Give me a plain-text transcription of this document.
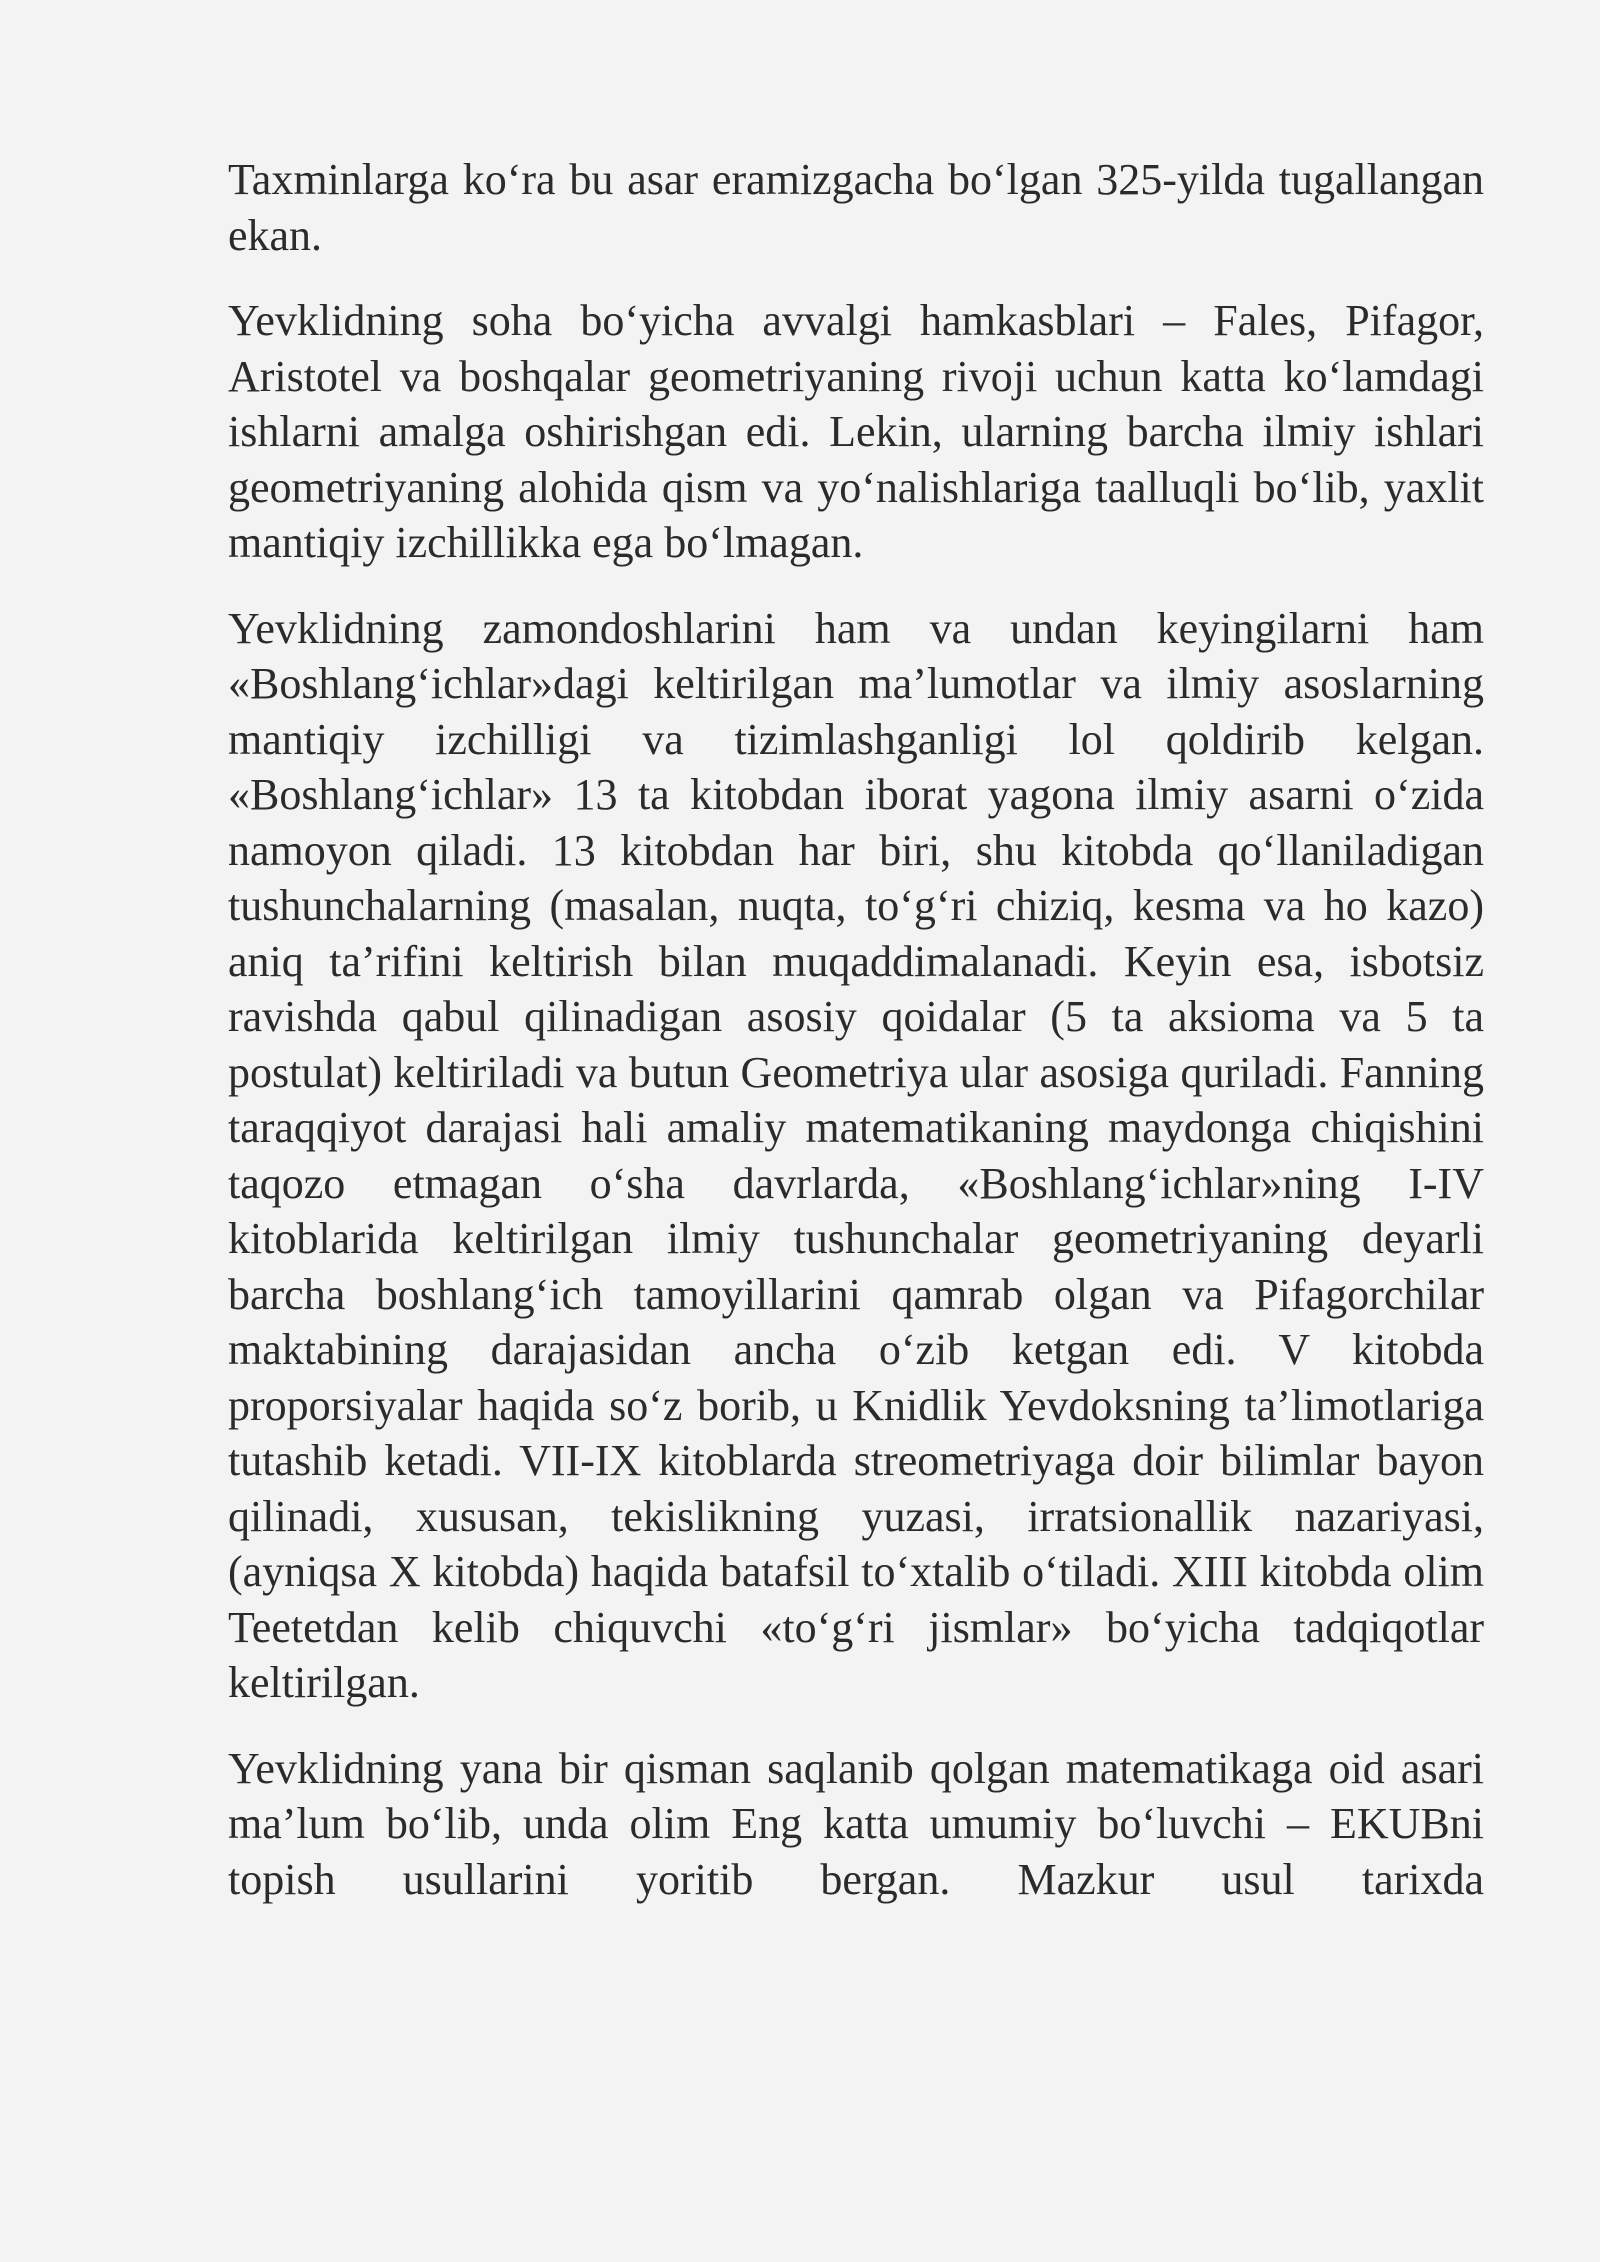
Taxminlarga ko‘ra bu asar eramizgacha bo‘lgan 325-yilda tugallangan ekan.

Yevklidning soha bo‘yicha avvalgi hamkasblari – Fales, Pifagor, Aristotel va boshqalar geometriyaning rivoji uchun katta ko‘lamdagi ishlarni amalga oshirishgan edi. Lekin, ularning barcha ilmiy ishlari geometriyaning alohida qism va yo‘nalishlariga taalluqli bo‘lib, yaxlit mantiqiy izchillikka ega bo‘lmagan.

Yevklidning zamondoshlarini ham va undan keyingilarni ham «Boshlang‘ichlar»dagi keltirilgan ma’lumotlar va ilmiy asoslarning mantiqiy izchilligi va tizimlashganligi lol qoldirib kelgan. «Boshlang‘ichlar» 13 ta kitobdan iborat yagona ilmiy asarni o‘zida namoyon qiladi. 13 kitobdan har biri, shu kitobda qo‘llaniladigan tushunchalarning (masalan, nuqta, to‘g‘ri chiziq, kesma va ho kazo) aniq ta’rifini keltirish bilan muqaddimalanadi. Keyin esa, isbotsiz ravishda qabul qilinadigan asosiy qoidalar (5 ta aksioma va 5 ta postulat) keltiriladi va butun Geometriya ular asosiga quriladi. Fanning taraqqiyot darajasi hali amaliy matematikaning maydonga chiqishini taqozo etmagan o‘sha davrlarda, «Boshlang‘ichlar»ning I-IV kitoblarida keltirilgan ilmiy tushunchalar geometriyaning deyarli barcha boshlang‘ich tamoyillarini qamrab olgan va Pifagorchilar maktabining darajasidan ancha o‘zib ketgan edi. V kitobda proporsiyalar haqida so‘z borib, u Knidlik Yevdoksning ta’limotlariga tutashib ketadi. VII-IX kitoblarda streometriyaga doir bilimlar bayon qilinadi, xususan, tekislikning yuzasi, irratsionallik nazariyasi, (ayniqsa X kitobda) haqida batafsil to‘xtalib o‘tiladi. XIII kitobda olim Teetetdan kelib chiquvchi «to‘g‘ri jismlar» bo‘yicha tadqiqotlar keltirilgan.

Yevklidning yana bir qisman saqlanib qolgan matematikaga oid asari ma’lum bo‘lib, unda olim Eng katta umumiy bo‘luvchi – EKUBni topish usullarini yoritib bergan. Mazkur usul tarixda
